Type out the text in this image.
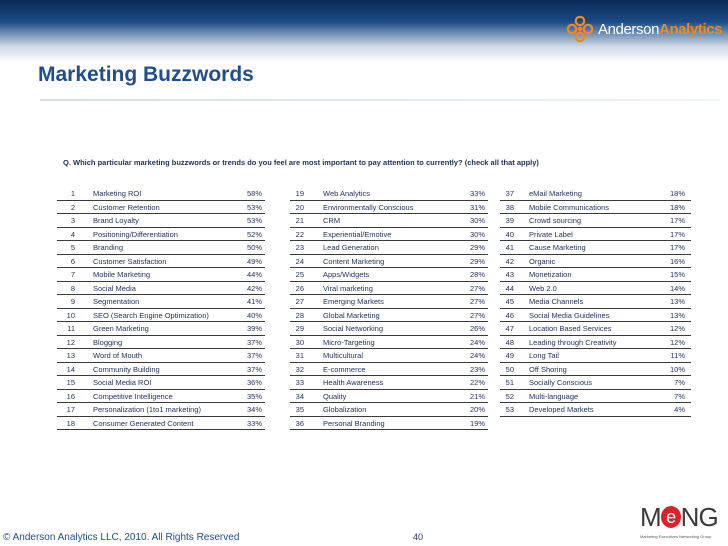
AndersonAnalytics
Marketing Buzzwords
Q. Which particular marketing buzzwords or trends do you feel are most important to pay attention to currently? (check all that apply)
1 Marketing ROI	58%
2 Customer Retention	53%
3 Brand Loyalty	53%
4 Positioning/Differentiation	52%
5 Branding	50%
6 Customer Satisfaction	49%
7 Mobile Marketing	44%
8 Social Media	42%
9 Segmentation	41%
10 SEO (Search Engine Optimization)	40%
11 Green Marketing	39%
12 Blogging	37%
13 Word of Mouth	37%
14 Community Building	37%
15 Social Media ROI	36%
16 Competitive Intelligence	35%
17 Personalization (1to1 marketing)	34%
18 Consumer Generated Content	33%
19	Web Analytics	33%
20	Environmentally Conscious	31%
21	CRM	30%
22	Experiential/Emotive	30%
23	Lead Generation	29%
24	Content Marketing	29%
25	Apps/Widgets	28%
26	Viral marketing	27%
27	Emerging Markets	27%
28	Global Marketing	27%
29	Social Networking	26%
30	Micro-Targeting	24%
31	Multicultural	24%
32	E-commerce	23%
33	Health Awareness	22%
34	Quality	21%
35	Globalization	20%
36	Personal Branding	19%
37 eMail Marketing	18%
38 Mobile Communications	18%
39 Crowd sourcing	17%
40 Private Label	17%
41 Cause Marketing	17%
42 Organic	16%
43 Monetization	15%
44 Web 2.0	14%
45 Media Channels	13%
46 Social Media Guidelines	13%
47 Location Based Services	12%
48 Leading through Creativity	12%
49 Long Tail	11%
50 Off Shoring	10%
51 Socially Conscious	7%
52 Multi-language	7%
53 Developed Markets	4%
© Anderson Analytics LLC, 2010. All Rights Reserved	40
M e NG
Marketing Executives Networking Group
